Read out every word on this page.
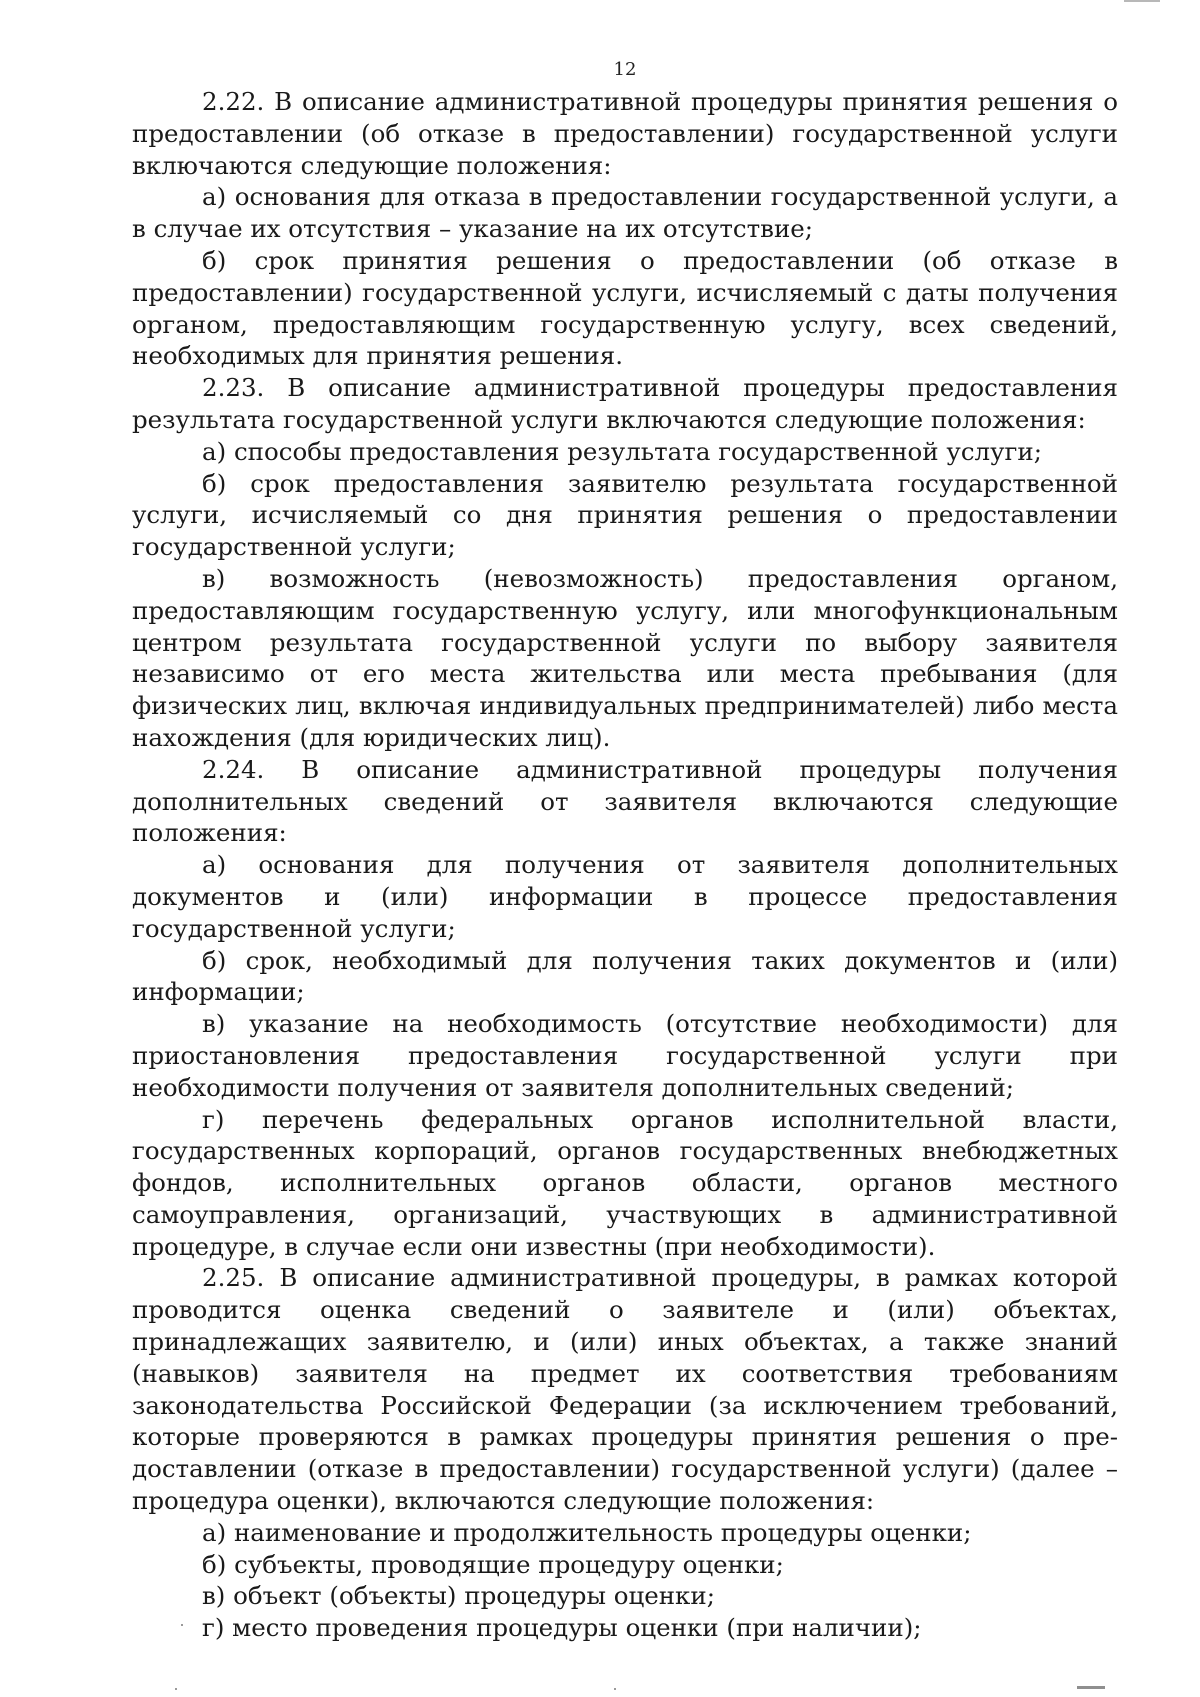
12

2.22. В описание административной процедуры принятия решения о предоставлении (об отказе в предоставлении) государственной услуги включаются следующие положения:

а) основания для отказа в предоставлении государственной услуги, а в случае их отсутствия – указание на их отсутствие;

б) срок принятия решения о предоставлении (об отказе в предоставлении) государственной услуги, исчисляемый с даты получения органом, предоставляющим государственную услугу, всех сведений, необходимых для принятия решения.

2.23. В описание административной процедуры предоставления результата государственной услуги включаются следующие положения:

а) способы предоставления результата государственной услуги;

б) срок предоставления заявителю результата государственной услуги, исчисляемый со дня принятия решения о предоставлении государственной услуги;

в) возможность (невозможность) предоставления органом, предоставляющим государственную услугу, или многофункциональным центром результата государственной услуги по выбору заявителя независимо от его места жительства или места пребывания (для физических лиц, включая индивидуальных предпринимателей) либо места нахождения (для юридических лиц).

2.24. В описание административной процедуры получения дополнительных сведений от заявителя включаются следующие положения:

а) основания для получения от заявителя дополнительных документов и (или) информации в процессе предоставления государственной услуги;

б) срок, необходимый для получения таких документов и (или) информации;

в) указание на необходимость (отсутствие необходимости) для приостановления предоставления государственной услуги при необходимости получения от заявителя дополнительных сведений;

г) перечень федеральных органов исполнительной власти, государственных корпораций, органов государственных внебюджетных фондов, исполнительных органов области, органов местного самоуправления, организаций, участвующих в административной процедуре, в случае если они известны (при необходимости).

2.25. В описание административной процедуры, в рамках которой проводится оценка сведений о заявителе и (или) объектах, принадлежащих заявителю, и (или) иных объектах, а также знаний (навыков) заявителя на предмет их соответствия требованиям законодательства Российской Федерации (за исключением требований, которые проверяются в рамках процедуры принятия решения о предоставлении (отказе в предоставлении) государственной услуги) (далее – процедура оценки), включаются следующие положения:

а) наименование и продолжительность процедуры оценки;

б) субъекты, проводящие процедуру оценки;

в) объект (объекты) процедуры оценки;

г) место проведения процедуры оценки (при наличии);
